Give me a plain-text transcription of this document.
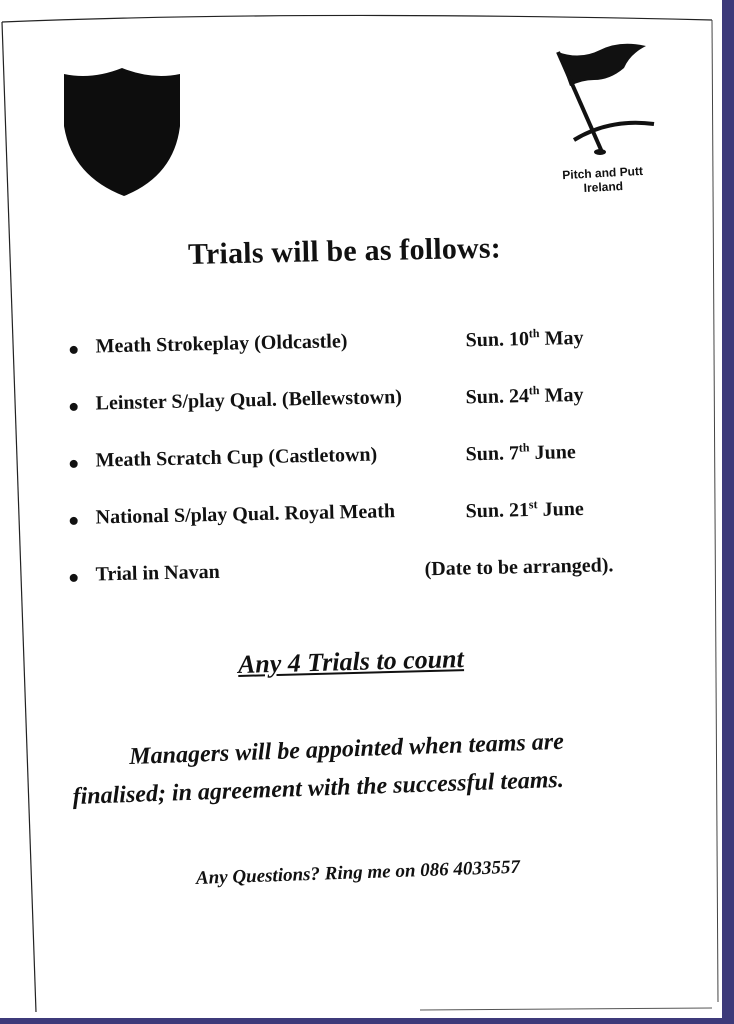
Pitch and Putt
Ireland
Trials will be as follows:
Meath Strokeplay (Oldcastle)	Sun. 10th May
Leinster S/play Qual. (Bellewstown)	Sun. 24th May
Meath Scratch Cup (Castletown)	Sun. 7th June
National S/play Qual. Royal Meath	Sun. 21st June
Trial in Navan	(Date to be arranged).
Any 4 Trials to count
Managers will be appointed when teams are
finalised; in agreement with the successful teams.
Any Questions? Ring me on 086 4033557
